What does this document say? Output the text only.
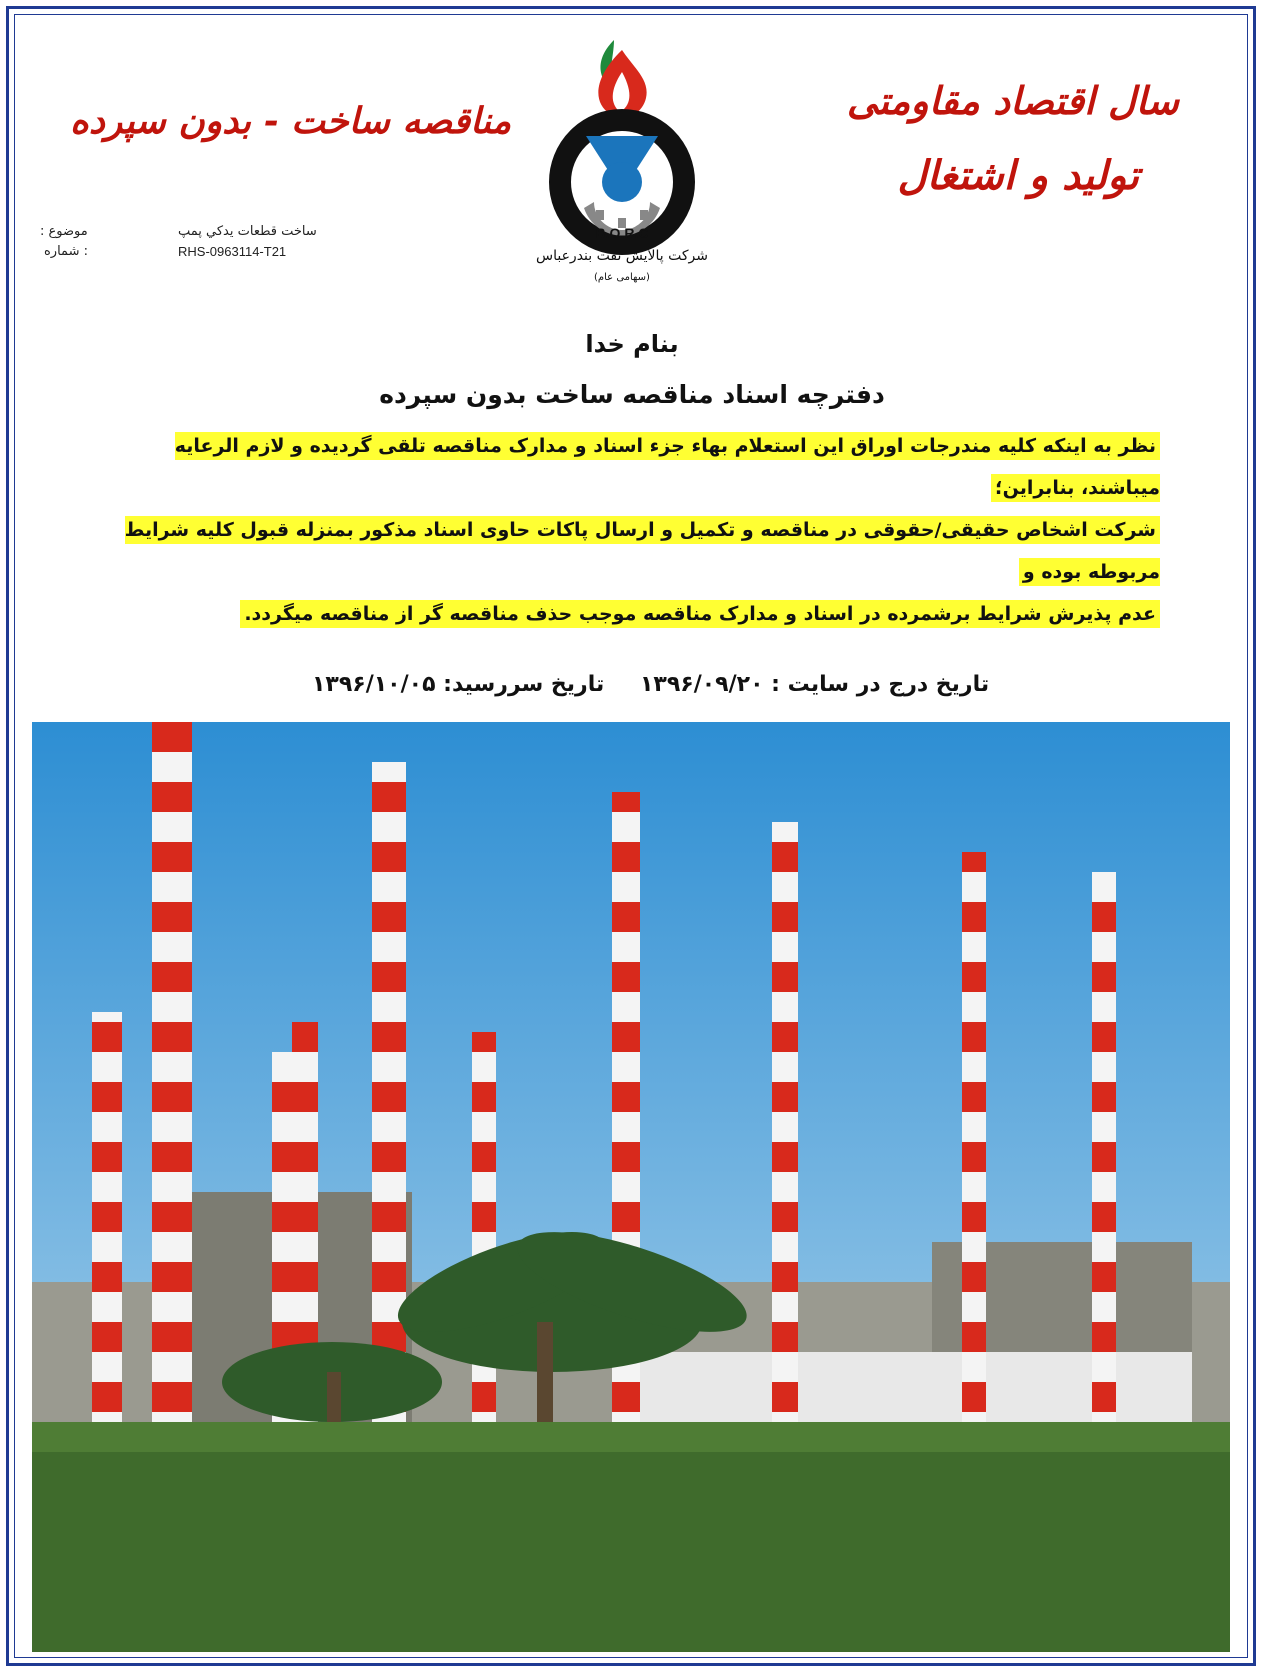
سال اقتصاد مقاومتی
تولید و اشتغال
مناقصه ساخت - بدون سپرده
موضوع :
: شماره
ساخت قطعات يدكي پمپ
RHS-0963114-T21
B.O.R.C
شرکت پالایش نفت بندرعباس
(سهامی عام)
بنام خدا
دفترچه اسناد مناقصه ساخت بدون سپرده
نظر به اینکه کلیه مندرجات اوراق این استعلام بهاء جزء اسناد و مدارک مناقصه تلقی گردیده و لازم الرعایه میباشند، بنابراین؛
شرکت اشخاص حقیقی/حقوقی در مناقصه و تکمیل و ارسال پاکات حاوی اسناد مذکور بمنزله قبول کلیه شرایط مربوطه بوده و
عدم پذیرش شرایط برشمرده در اسناد و مدارک مناقصه موجب حذف مناقصه گر از مناقصه میگردد.
تاریخ درج در سایت : ۱۳۹۶/۰۹/۲۰
تاریخ سررسید: ۱۳۹۶/۱۰/۰۵
